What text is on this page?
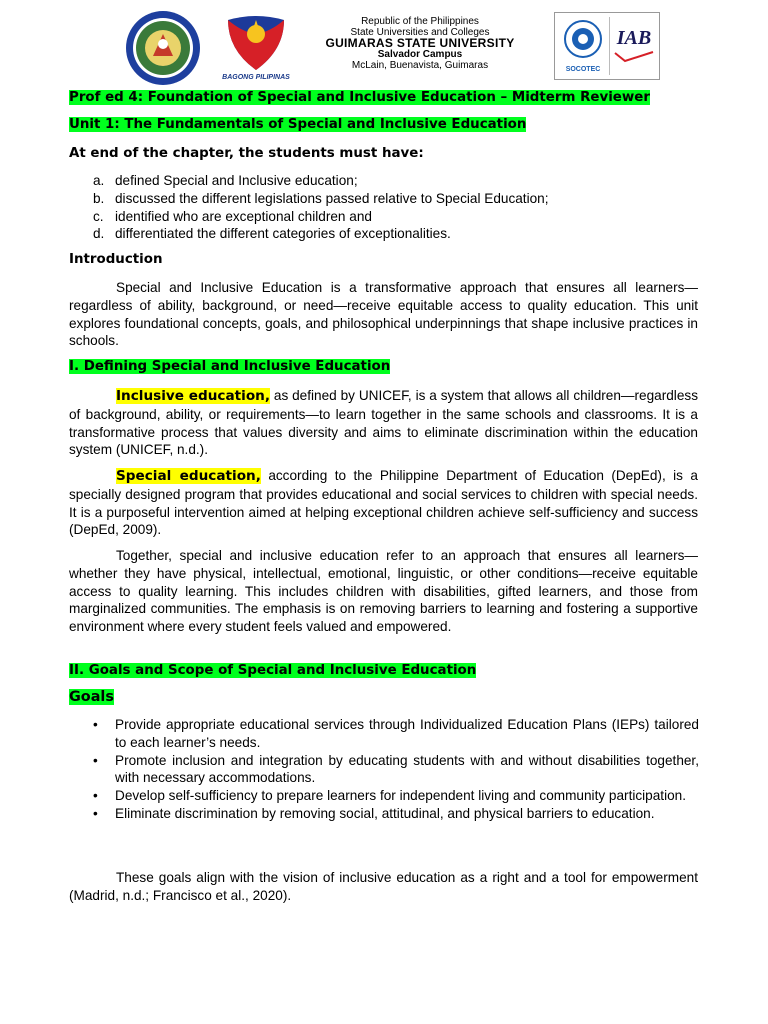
BAGONG PILIPINAS
Republic of the Philippines
State Universities and Colleges
GUIMARAS STATE UNIVERSITY
Salvador Campus
McLain, Buenavista, Guimaras	SOCOTEC
IAB
Prof ed 4: Foundation of Special and Inclusive Education – Midterm Reviewer
Unit 1: The Fundamentals of Special and Inclusive Education
At end of the chapter, the students must have:
a. defined Special and Inclusive education;
b. discussed the different legislations passed relative to Special Education;
c. identified who are exceptional children and
d. differentiated the different categories of exceptionalities.
Introduction
Special and Inclusive Education is a transformative approach that ensures all learners—regardless of ability, background, or need—receive equitable access to quality education. This unit explores foundational concepts, goals, and philosophical underpinnings that shape inclusive practices in schools.
I. Defining Special and Inclusive Education
Inclusive education, as defined by UNICEF, is a system that allows all children—regardless of background, ability, or requirements—to learn together in the same schools and classrooms. It is a transformative process that values diversity and aims to eliminate discrimination within the education system (UNICEF, n.d.).
Special education, according to the Philippine Department of Education (DepEd), is a specially designed program that provides educational and social services to children with special needs. It is a purposeful intervention aimed at helping exceptional children achieve self-sufficiency and success (DepEd, 2009).
Together, special and inclusive education refer to an approach that ensures all learners—whether they have physical, intellectual, emotional, linguistic, or other conditions—receive equitable access to quality learning. This includes children with disabilities, gifted learners, and those from marginalized communities. The emphasis is on removing barriers to learning and fostering a supportive environment where every student feels valued and empowered.
II. Goals and Scope of Special and Inclusive Education
Goals
• Provide appropriate educational services through Individualized Education Plans (IEPs) tailored to each learner’s needs.
• Promote inclusion and integration by educating students with and without disabilities together, with necessary accommodations.
• Develop self-sufficiency to prepare learners for independent living and community participation.
• Eliminate discrimination by removing social, attitudinal, and physical barriers to education.
These goals align with the vision of inclusive education as a right and a tool for empowerment (Madrid, n.d.; Francisco et al., 2020).
